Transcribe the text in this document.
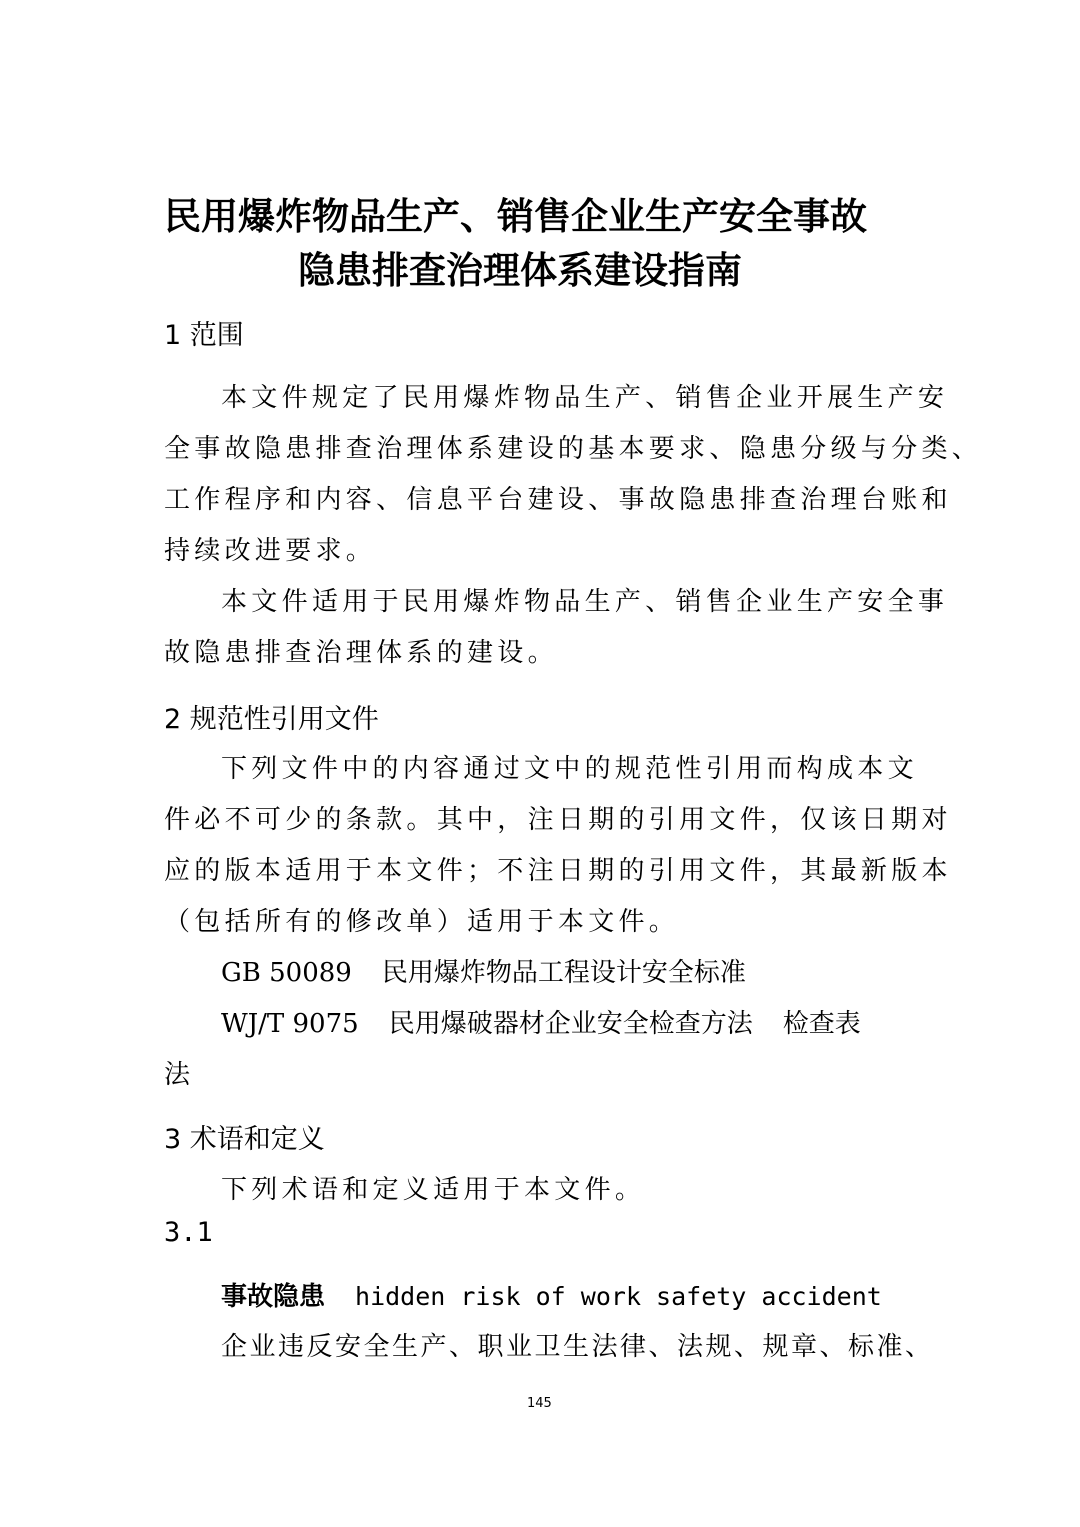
民用爆炸物品生产、销售企业生产安全事故
隐患排查治理体系建设指南
1 范围
本文件规定了民用爆炸物品生产、销售企业开展生产安
全事故隐患排查治理体系建设的基本要求、隐患分级与分类、
工作程序和内容、信息平台建设、事故隐患排查治理台账和
持续改进要求。
本文件适用于民用爆炸物品生产、销售企业生产安全事
故隐患排查治理体系的建设。
2 规范性引用文件
下列文件中的内容通过文中的规范性引用而构成本文
件必不可少的条款。其中，注日期的引用文件，仅该日期对
应的版本适用于本文件；不注日期的引用文件，其最新版本
（包括所有的修改单）适用于本文件。
GB 50089 民用爆炸物品工程设计安全标准
WJ/T 9075 民用爆破器材企业安全检查方法 检查表
法
3 术语和定义
下列术语和定义适用于本文件。
3.1
事故隐患 hidden risk of work safety accident
企业违反安全生产、职业卫生法律、法规、规章、标准、
145
